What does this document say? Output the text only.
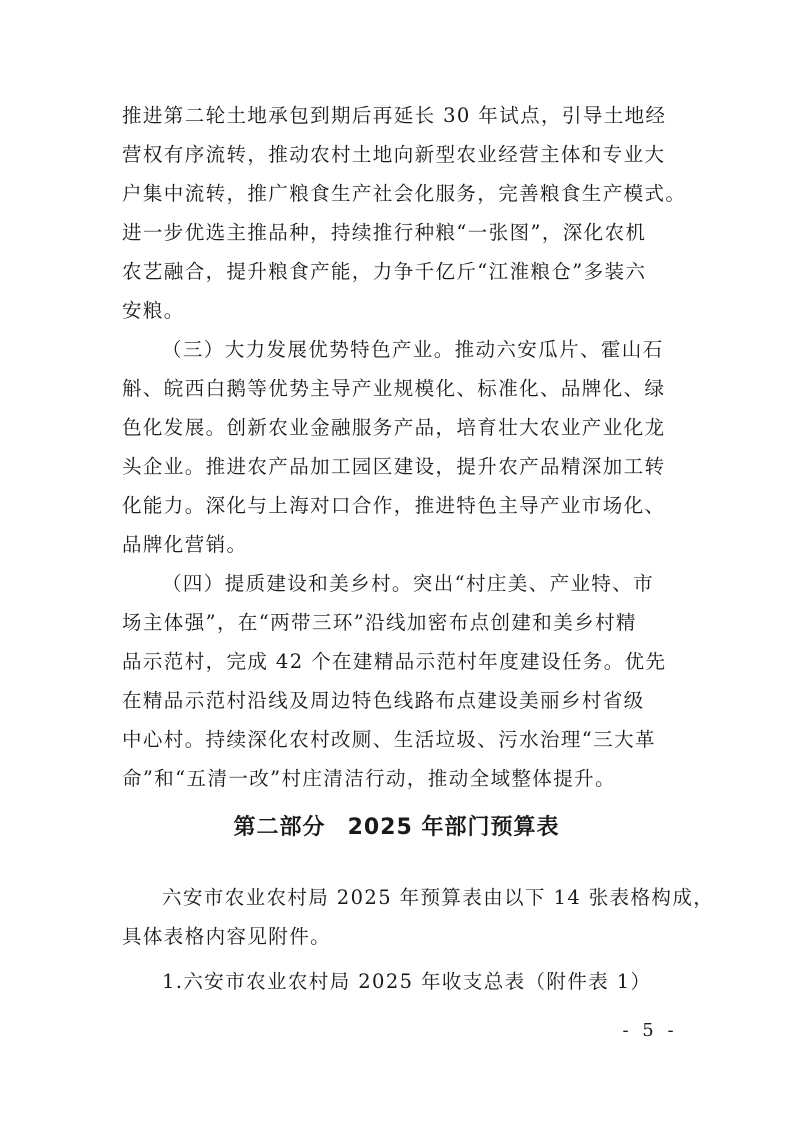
推进第二轮土地承包到期后再延长 30 年试点，引导土地经
营权有序流转，推动农村土地向新型农业经营主体和专业大
户集中流转，推广粮食生产社会化服务，完善粮食生产模式。
进一步优选主推品种，持续推行种粮“一张图”，深化农机
农艺融合，提升粮食产能，力争千亿斤“江淮粮仓”多装六
安粮。

（三）大力发展优势特色产业。推动六安瓜片、霍山石
斛、皖西白鹅等优势主导产业规模化、标准化、品牌化、绿
色化发展。创新农业金融服务产品，培育壮大农业产业化龙
头企业。推进农产品加工园区建设，提升农产品精深加工转
化能力。深化与上海对口合作，推进特色主导产业市场化、
品牌化营销。

（四）提质建设和美乡村。突出“村庄美、产业特、市
场主体强”，在“两带三环”沿线加密布点创建和美乡村精
品示范村，完成 42 个在建精品示范村年度建设任务。优先
在精品示范村沿线及周边特色线路布点建设美丽乡村省级
中心村。持续深化农村改厕、生活垃圾、污水治理“三大革
命”和“五清一改”村庄清洁行动，推动全域整体提升。

第二部分 2025 年部门预算表

六安市农业农村局 2025 年预算表由以下 14 张表格构成，
具体表格内容见附件。

1.六安市农业农村局 2025 年收支总表（附件表 1）

- 5 -
